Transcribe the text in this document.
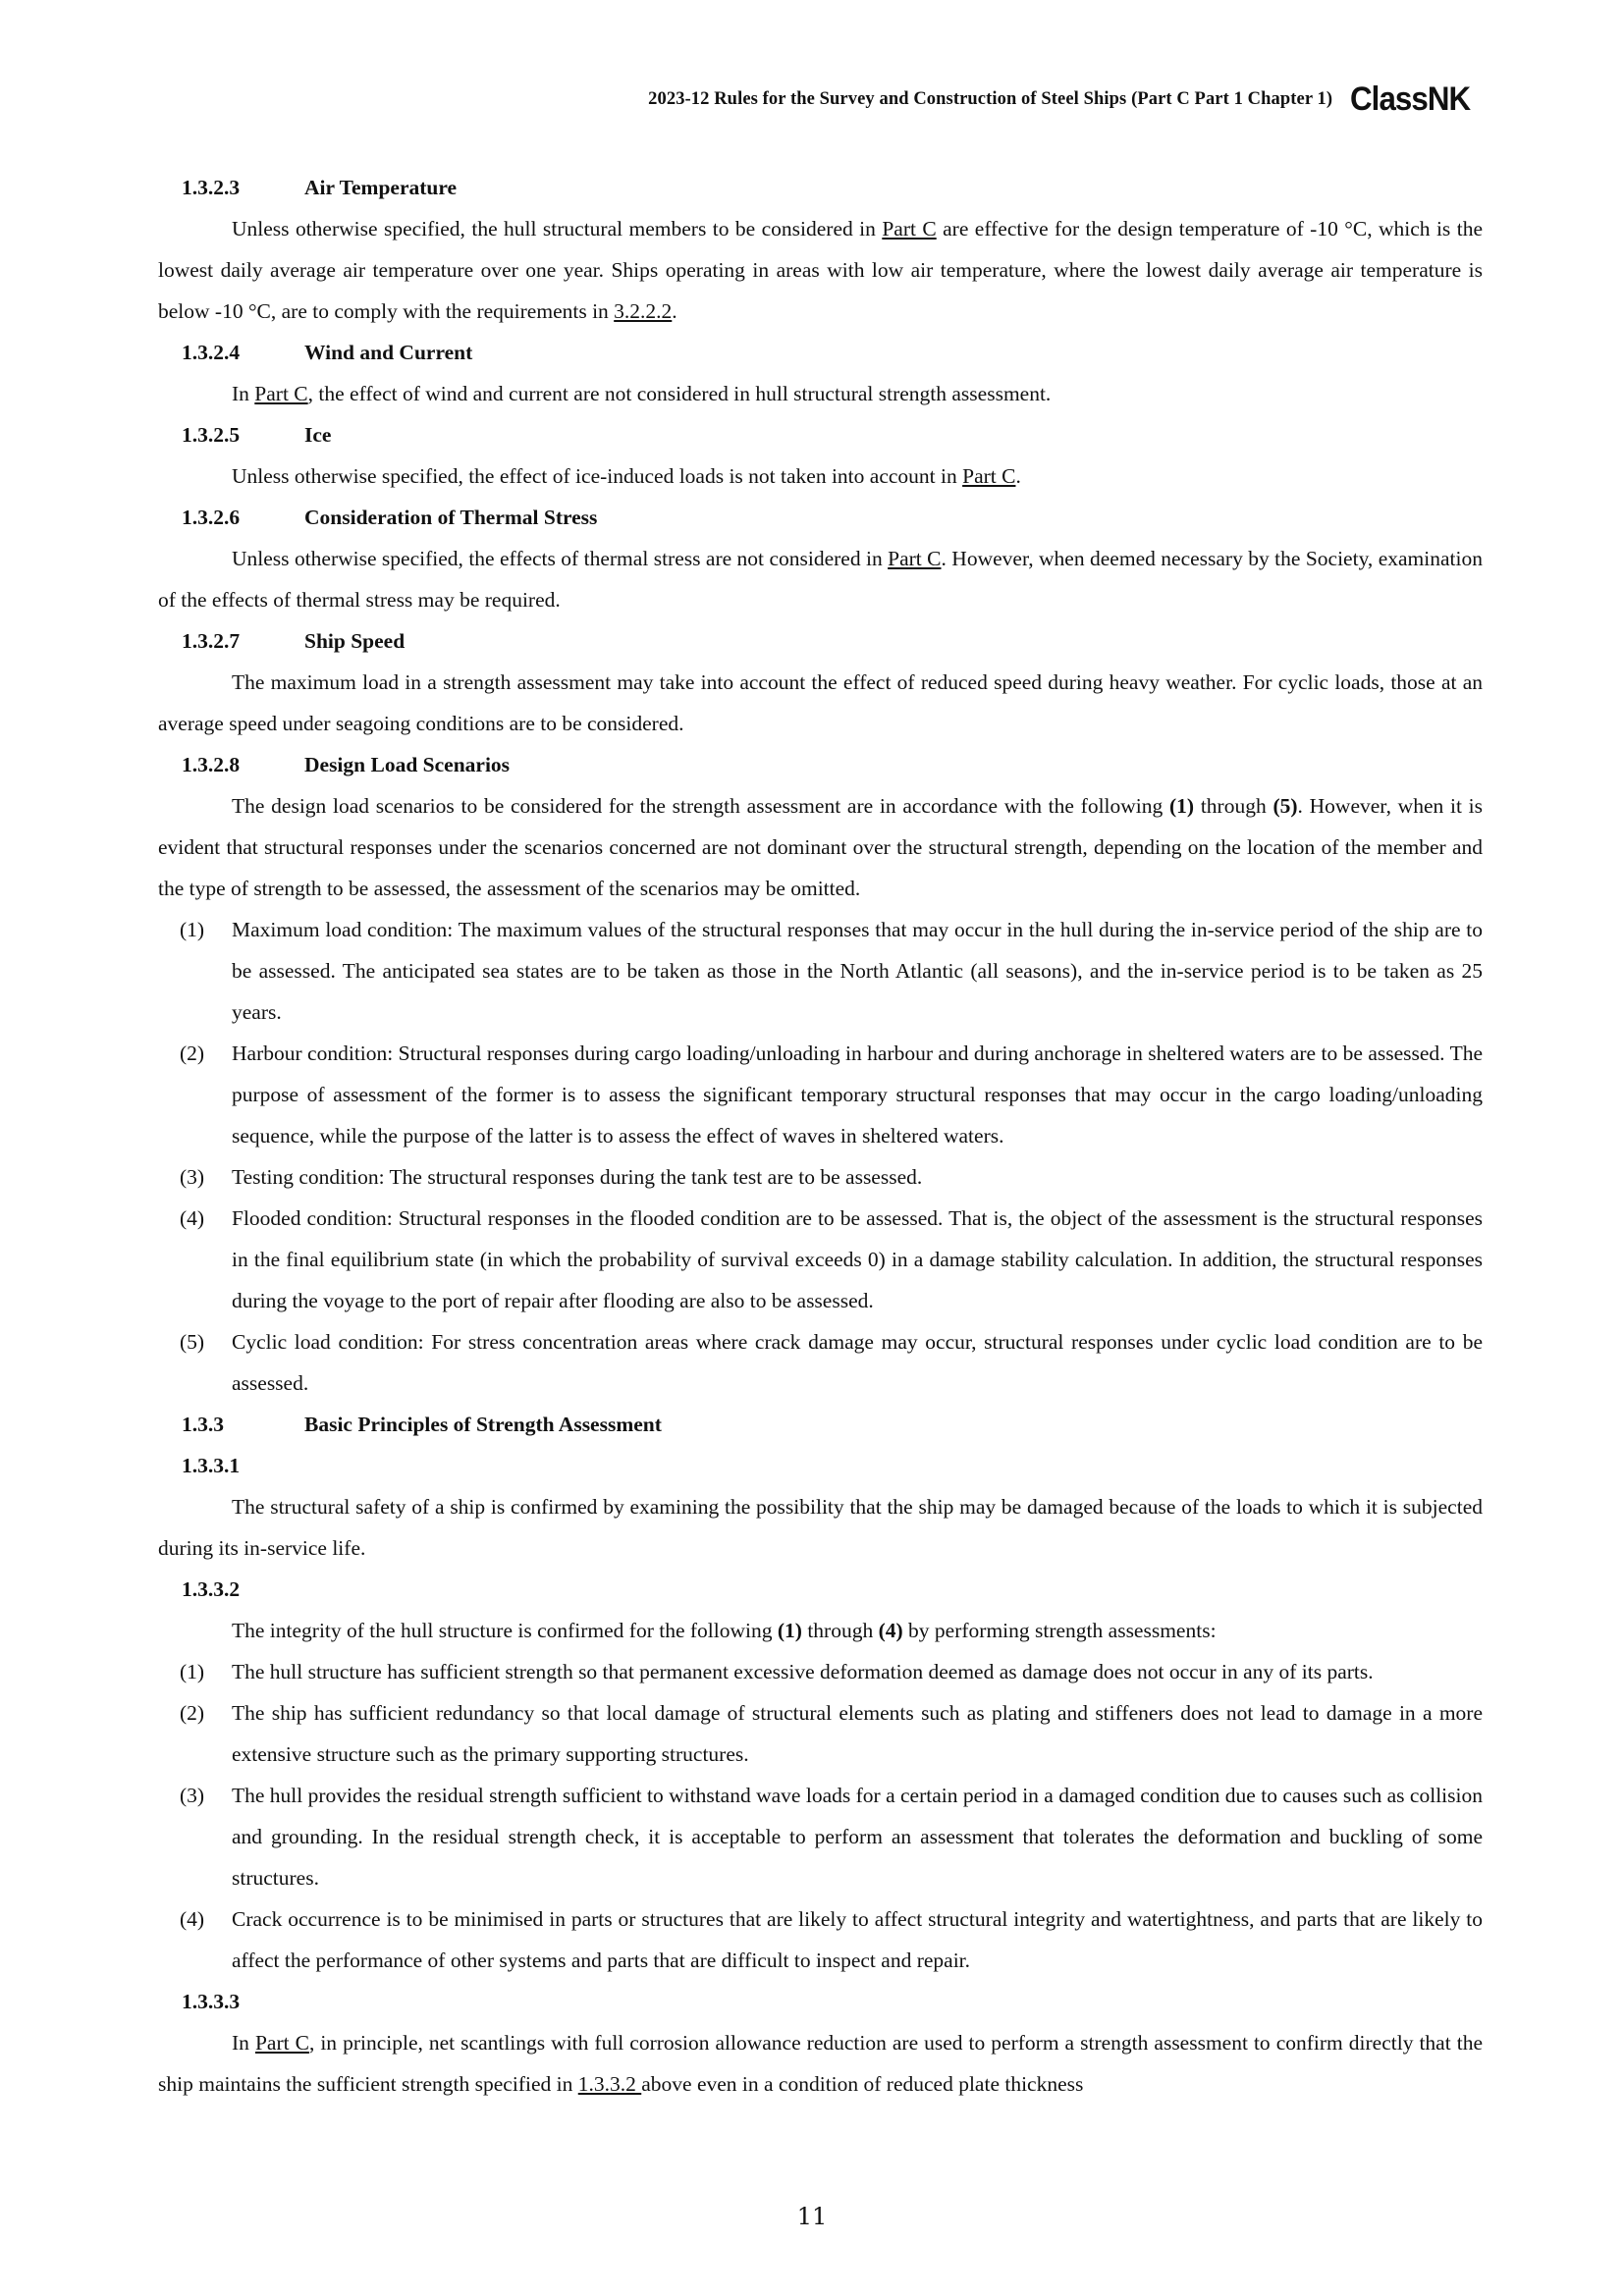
2023-12 Rules for the Survey and Construction of Steel Ships (Part C Part 1 Chapter 1) ClassNK
1.3.2.3	Air Temperature
Unless otherwise specified, the hull structural members to be considered in Part C are effective for the design temperature of -10 °C, which is the lowest daily average air temperature over one year. Ships operating in areas with low air temperature, where the lowest daily average air temperature is below -10 °C, are to comply with the requirements in 3.2.2.2.
1.3.2.4	Wind and Current
In Part C, the effect of wind and current are not considered in hull structural strength assessment.
1.3.2.5	Ice
Unless otherwise specified, the effect of ice-induced loads is not taken into account in Part C.
1.3.2.6	Consideration of Thermal Stress
Unless otherwise specified, the effects of thermal stress are not considered in Part C. However, when deemed necessary by the Society, examination of the effects of thermal stress may be required.
1.3.2.7	Ship Speed
The maximum load in a strength assessment may take into account the effect of reduced speed during heavy weather. For cyclic loads, those at an average speed under seagoing conditions are to be considered.
1.3.2.8	Design Load Scenarios
The design load scenarios to be considered for the strength assessment are in accordance with the following (1) through (5). However, when it is evident that structural responses under the scenarios concerned are not dominant over the structural strength, depending on the location of the member and the type of strength to be assessed, the assessment of the scenarios may be omitted.
(1)	Maximum load condition: The maximum values of the structural responses that may occur in the hull during the in-service period of the ship are to be assessed. The anticipated sea states are to be taken as those in the North Atlantic (all seasons), and the in-service period is to be taken as 25 years.
(2)	Harbour condition: Structural responses during cargo loading/unloading in harbour and during anchorage in sheltered waters are to be assessed. The purpose of assessment of the former is to assess the significant temporary structural responses that may occur in the cargo loading/unloading sequence, while the purpose of the latter is to assess the effect of waves in sheltered waters.
(3)	Testing condition: The structural responses during the tank test are to be assessed.
(4)	Flooded condition: Structural responses in the flooded condition are to be assessed. That is, the object of the assessment is the structural responses in the final equilibrium state (in which the probability of survival exceeds 0) in a damage stability calculation. In addition, the structural responses during the voyage to the port of repair after flooding are also to be assessed.
(5)	Cyclic load condition: For stress concentration areas where crack damage may occur, structural responses under cyclic load condition are to be assessed.
1.3.3	Basic Principles of Strength Assessment
1.3.3.1
The structural safety of a ship is confirmed by examining the possibility that the ship may be damaged because of the loads to which it is subjected during its in-service life.
1.3.3.2
The integrity of the hull structure is confirmed for the following (1) through (4) by performing strength assessments:
(1)	The hull structure has sufficient strength so that permanent excessive deformation deemed as damage does not occur in any of its parts.
(2)	The ship has sufficient redundancy so that local damage of structural elements such as plating and stiffeners does not lead to damage in a more extensive structure such as the primary supporting structures.
(3)	The hull provides the residual strength sufficient to withstand wave loads for a certain period in a damaged condition due to causes such as collision and grounding. In the residual strength check, it is acceptable to perform an assessment that tolerates the deformation and buckling of some structures.
(4)	Crack occurrence is to be minimised in parts or structures that are likely to affect structural integrity and watertightness, and parts that are likely to affect the performance of other systems and parts that are difficult to inspect and repair.
1.3.3.3
In Part C, in principle, net scantlings with full corrosion allowance reduction are used to perform a strength assessment to confirm directly that the ship maintains the sufficient strength specified in 1.3.3.2 above even in a condition of reduced plate thickness
11
